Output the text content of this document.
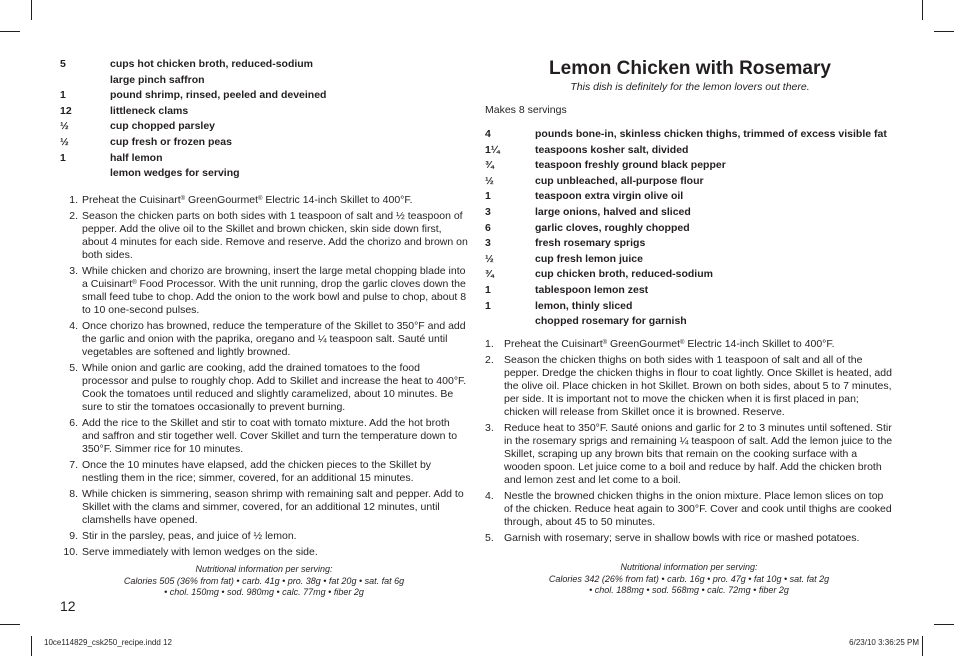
5	cups hot chicken broth, reduced-sodium
large pinch saffron
1	pound shrimp, rinsed, peeled and deveined
12	littleneck clams
½	cup chopped parsley
½	cup fresh or frozen peas
1	half lemon
lemon wedges for serving
1. Preheat the Cuisinart® GreenGourmet® Electric 14-inch Skillet to 400°F.
2. Season the chicken parts on both sides with 1 teaspoon of salt and ½ teaspoon of pepper. Add the olive oil to the Skillet and brown chicken, skin side down first, about 4 minutes for each side. Remove and reserve. Add the chorizo and brown on both sides.
3. While chicken and chorizo are browning, insert the large metal chopping blade into a Cuisinart® Food Processor. With the unit running, drop the garlic cloves down the small feed tube to chop. Add the onion to the work bowl and pulse to chop, about 8 to 10 one-second pulses.
4. Once chorizo has browned, reduce the temperature of the Skillet to 350°F and add the garlic and onion with the paprika, oregano and ¼ teaspoon salt. Sauté until vegetables are softened and lightly browned.
5. While onion and garlic are cooking, add the drained tomatoes to the food processor and pulse to roughly chop. Add to Skillet and increase the heat to 400°F. Cook the tomatoes until reduced and slightly caramelized, about 10 minutes. Be sure to stir the tomatoes occasionally to prevent burning.
6. Add the rice to the Skillet and stir to coat with tomato mixture. Add the hot broth and saffron and stir together well. Cover Skillet and turn the temperature down to 350°F. Simmer rice for 10 minutes.
7. Once the 10 minutes have elapsed, add the chicken pieces to the Skillet by nestling them in the rice; simmer, covered, for an additional 15 minutes.
8. While chicken is simmering, season shrimp with remaining salt and pepper. Add to Skillet with the clams and simmer, covered, for an additional 12 minutes, until clamshells have opened.
9. Stir in the parsley, peas, and juice of ½ lemon.
10. Serve immediately with lemon wedges on the side.
Nutritional information per serving:
Calories 505 (36% from fat) • carb. 41g • pro. 38g • fat 20g • sat. fat 6g
• chol. 150mg • sod. 980mg • calc. 77mg • fiber 2g
12
Lemon Chicken with Rosemary
This dish is definitely for the lemon lovers out there.
Makes 8 servings
4	pounds bone-in, skinless chicken thighs, trimmed of excess visible fat
1¼	teaspoons kosher salt, divided
¾	teaspoon freshly ground black pepper
½	cup unbleached, all-purpose flour
1	teaspoon extra virgin olive oil
3	large onions, halved and sliced
6	garlic cloves, roughly chopped
3	fresh rosemary sprigs
½	cup fresh lemon juice
¾	cup chicken broth, reduced-sodium
1	tablespoon lemon zest
1	lemon, thinly sliced
chopped rosemary for garnish
1. Preheat the Cuisinart® GreenGourmet® Electric 14-inch Skillet to 400°F.
2. Season the chicken thighs on both sides with 1 teaspoon of salt and all of the pepper. Dredge the chicken thighs in flour to coat lightly. Once Skillet is heated, add the olive oil. Place chicken in hot Skillet. Brown on both sides, about 5 to 7 minutes, per side. It is important not to move the chicken when it is first placed in pan; chicken will release from Skillet once it is browned. Reserve.
3. Reduce heat to 350°F. Sauté onions and garlic for 2 to 3 minutes until softened. Stir in the rosemary sprigs and remaining ¼ teaspoon of salt. Add the lemon juice to the Skillet, scraping up any brown bits that remain on the cooking surface with a wooden spoon. Let juice come to a boil and reduce by half. Add the chicken broth and lemon zest and let come to a boil.
4. Nestle the browned chicken thighs in the onion mixture. Place lemon slices on top of the chicken. Reduce heat again to 300°F. Cover and cook until thighs are cooked through, about 45 to 50 minutes.
5. Garnish with rosemary; serve in shallow bowls with rice or mashed potatoes.
Nutritional information per serving:
Calories 342 (26% from fat) • carb. 16g • pro. 47g • fat 10g • sat. fat 2g
• chol. 188mg • sod. 568mg • calc. 72mg • fiber 2g
10ce114829_csk250_recipe.indd 12	6/23/10 3:36:25 PM
